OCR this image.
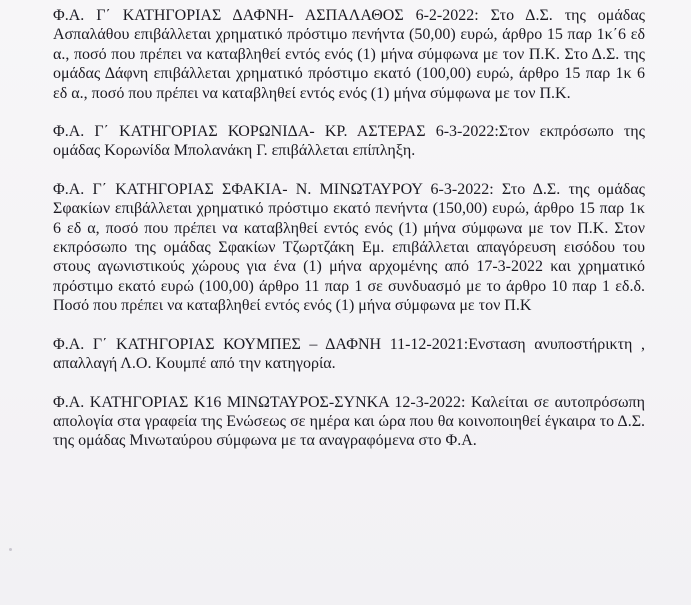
Φ.Α. Γ΄ ΚΑΤΗΓΟΡΙΑΣ ΔΑΦΝΗ- ΑΣΠΑΛΑΘΟΣ 6-2-2022: Στο Δ.Σ. της ομάδας Ασπαλάθου επιβάλλεται χρηματικό πρόστιμο πενήντα (50,00) ευρώ, άρθρο 15 παρ 1κ΄6 εδ α., ποσό που πρέπει να καταβληθεί εντός ενός (1) μήνα σύμφωνα με τον Π.Κ. Στο Δ.Σ. της ομάδας Δάφνη επιβάλλεται χρηματικό πρόστιμο εκατό (100,00) ευρώ, άρθρο 15 παρ 1κ 6 εδ α., ποσό που πρέπει να καταβληθεί εντός ενός (1) μήνα σύμφωνα με τον Π.Κ.

Φ.Α. Γ΄ ΚΑΤΗΓΟΡΙΑΣ ΚΟΡΩΝΙΔΑ- ΚΡ. ΑΣΤΕΡΑΣ 6-3-2022:Στον εκπρόσωπο της ομάδας Κορωνίδα Μπολανάκη Γ. επιβάλλεται επίπληξη.

Φ.Α. Γ΄ ΚΑΤΗΓΟΡΙΑΣ ΣΦΑΚΙΑ- Ν. ΜΙΝΩΤΑΥΡΟΥ 6-3-2022: Στο Δ.Σ. της ομάδας Σφακίων επιβάλλεται χρηματικό πρόστιμο εκατό πενήντα (150,00) ευρώ, άρθρο 15 παρ 1κ 6 εδ α, ποσό που πρέπει να καταβληθεί εντός ενός (1) μήνα σύμφωνα με τον Π.Κ. Στον εκπρόσωπο της ομάδας Σφακίων Τζωρτζάκη Εμ. επιβάλλεται απαγόρευση εισόδου του στους αγωνιστικούς χώρους για ένα (1) μήνα αρχομένης από 17-3-2022 και χρηματικό πρόστιμο εκατό ευρώ (100,00) άρθρο 11 παρ 1 σε συνδυασμό με το άρθρο 10 παρ 1 εδ.δ. Ποσό που πρέπει να καταβληθεί εντός ενός (1) μήνα σύμφωνα με τον Π.Κ

Φ.Α. Γ΄ ΚΑΤΗΓΟΡΙΑΣ ΚΟΥΜΠΕΣ – ΔΑΦΝΗ 11-12-2021:Ενσταση ανυποστήρικτη , απαλλαγή Λ.Ο. Κουμπέ από την κατηγορία.

Φ.Α. ΚΑΤΗΓΟΡΙΑΣ Κ16 ΜΙΝΩΤΑΥΡΟΣ-ΣΥΝΚΑ 12-3-2022: Καλείται σε αυτοπρόσωπη απολογία στα γραφεία της Ενώσεως σε ημέρα και ώρα που θα κοινοποιηθεί έγκαιρα το Δ.Σ. της ομάδας Μινωταύρου σύμφωνα με τα αναγραφόμενα στο Φ.Α.
